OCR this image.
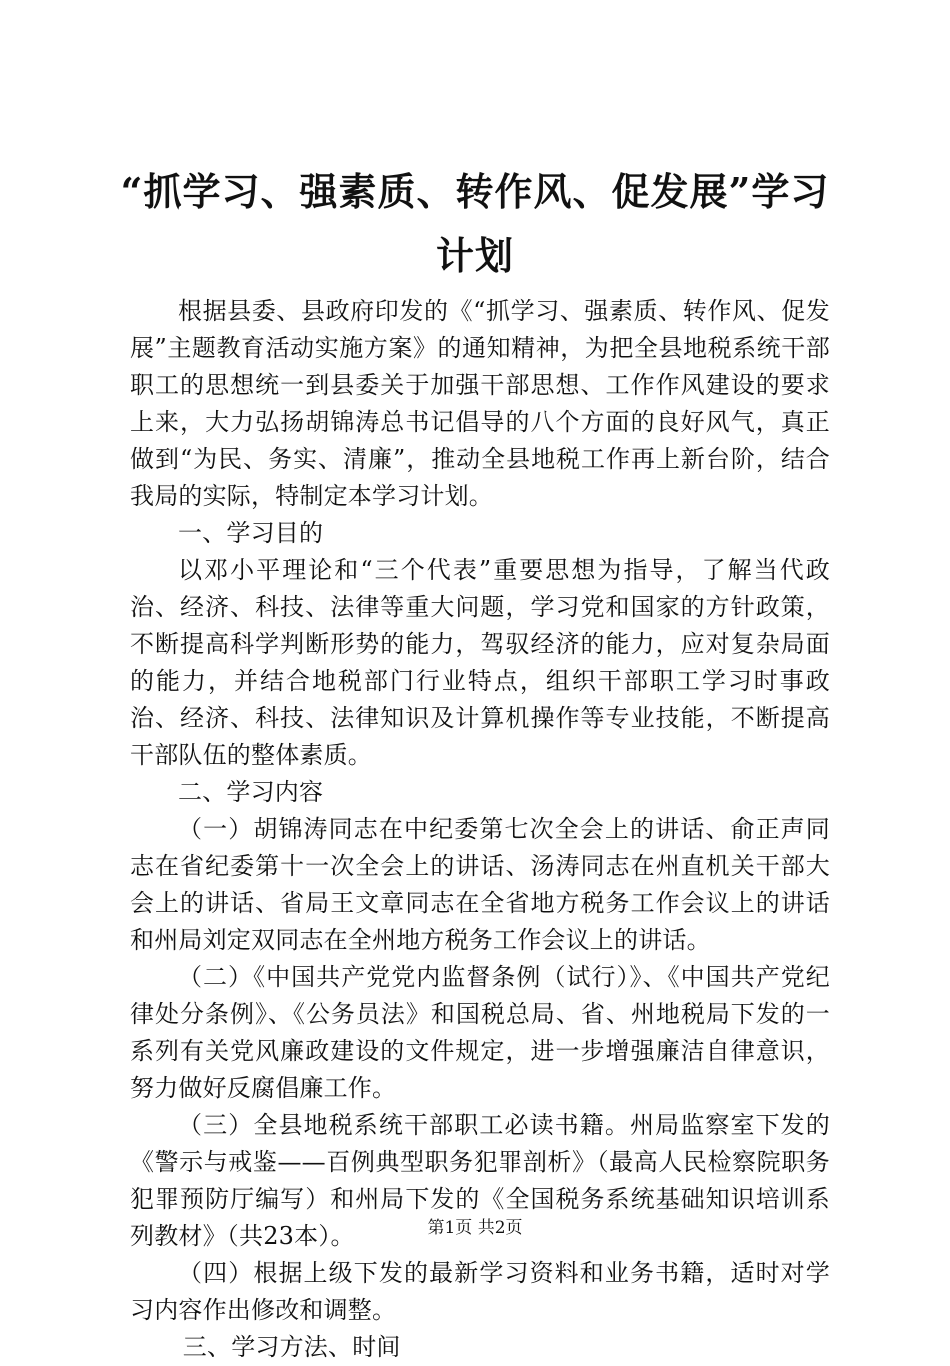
“抓学习、强素质、转作风、促发展”学习计划

根据县委、县政府印发的《“抓学习、强素质、转作风、促发展”主题教育活动实施方案》的通知精神，为把全县地税系统干部职工的思想统一到县委关于加强干部思想、工作作风建设的要求上来，大力弘扬胡锦涛总书记倡导的八个方面的良好风气，真正做到“为民、务实、清廉”，推动全县地税工作再上新台阶，结合我局的实际，特制定本学习计划。

一、学习目的

以邓小平理论和“三个代表”重要思想为指导，了解当代政治、经济、科技、法律等重大问题，学习党和国家的方针政策，不断提高科学判断形势的能力，驾驭经济的能力，应对复杂局面的能力，并结合地税部门行业特点，组织干部职工学习时事政治、经济、科技、法律知识及计算机操作等专业技能，不断提高干部队伍的整体素质。

二、学习内容

（一）胡锦涛同志在中纪委第七次全会上的讲话、俞正声同志在省纪委第十一次全会上的讲话、汤涛同志在州直机关干部大会上的讲话、省局王文章同志在全省地方税务工作会议上的讲话和州局刘定双同志在全州地方税务工作会议上的讲话。

（二）《中国共产党党内监督条例（试行）》、《中国共产党纪律处分条例》、《公务员法》和国税总局、省、州地税局下发的一系列有关党风廉政建设的文件规定，进一步增强廉洁自律意识，努力做好反腐倡廉工作。

（三）全县地税系统干部职工必读书籍。州局监察室下发的《警示与戒鉴——百例典型职务犯罪剖析》（最高人民检察院职务犯罪预防厅编写）和州局下发的《全国税务系统基础知识培训系列教材》（共23本）。

（四）根据上级下发的最新学习资料和业务书籍，适时对学习内容作出修改和调整。

三、学习方法、时间

第1页 共2页
